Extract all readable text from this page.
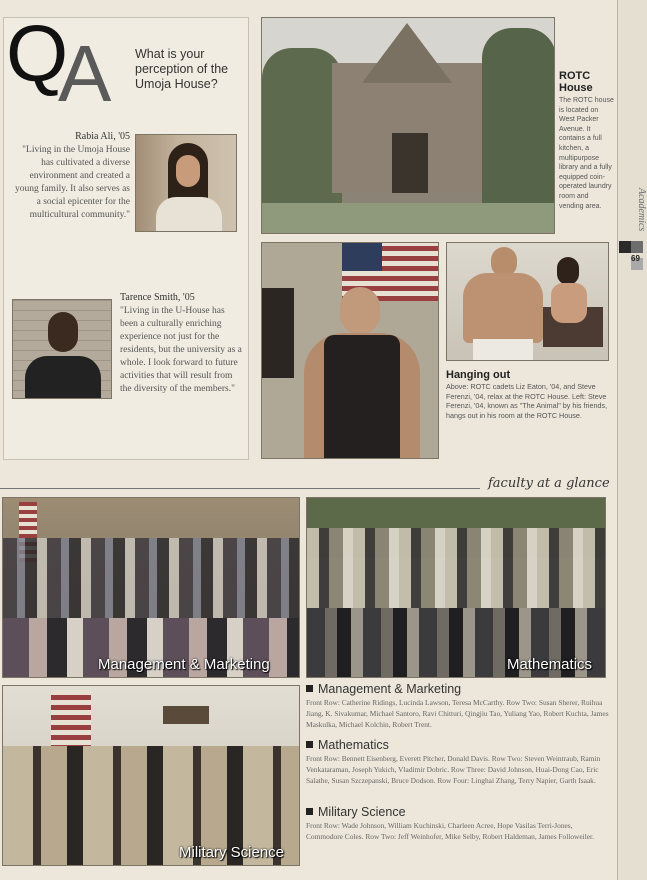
Academics
69
Q
A What is your perception of the Umoja House?
Rabia Ali, '05
"Living in the Umoja House has cultivated a diverse environment and created a young family. It also serves as a social epicenter for the multicultural community."
Tarence Smith, '05
"Living in the U-House has been a culturally enriching experience not just for the residents, but the university as a whole. I look forward to future activities that will result from the diversity of the members."
ROTC House
The ROTC house is located on West Packer Avenue. It contains a full kitchen, a multipurpose library and a fully equipped coin-operated laundry room and vending area.
Hanging out
Above: ROTC cadets Liz Eaton, '04, and Steve Ferenzi, '04, relax at the ROTC House. Left: Steve Ferenzi, '04, known as "The Animal" by his friends, hangs out in his room at the ROTC House.
faculty at a glance
Management & Marketing	Mathematics
Military Science
Management & Marketing
Front Row: Catherine Ridings, Lucinda Lawson, Teresa McCarthy. Row Two: Susan Sherer, Ruihua Jiang, K. Sivakumar, Michael Santoro, Ravi Chitturi, Qingjiu Tao, Yuliang Yao, Robert Kuchta, James Maskulka, Michael Kolchin, Robert Trent.
Mathematics
Front Row: Bennett Eisenberg, Everett Pitcher, Donald Davis. Row Two: Steven Weintraub, Ramin Venkataraman, Joseph Yukich, Vladimir Dobric. Row Three: David Johnson, Huai-Dong Cao, Eric Salathe, Susan Szczepanski, Bruce Dodson. Row Four: Linghai Zhang, Terry Napier, Garth Isaak.
Military Science
Front Row: Wade Johnson, William Kuchinski, Charleen Acree, Hope Vasilas Terri-Jones, Commodore Coles. Row Two: Jeff Weinhofer, Mike Selby, Robert Haldeman, James Followeiler.
